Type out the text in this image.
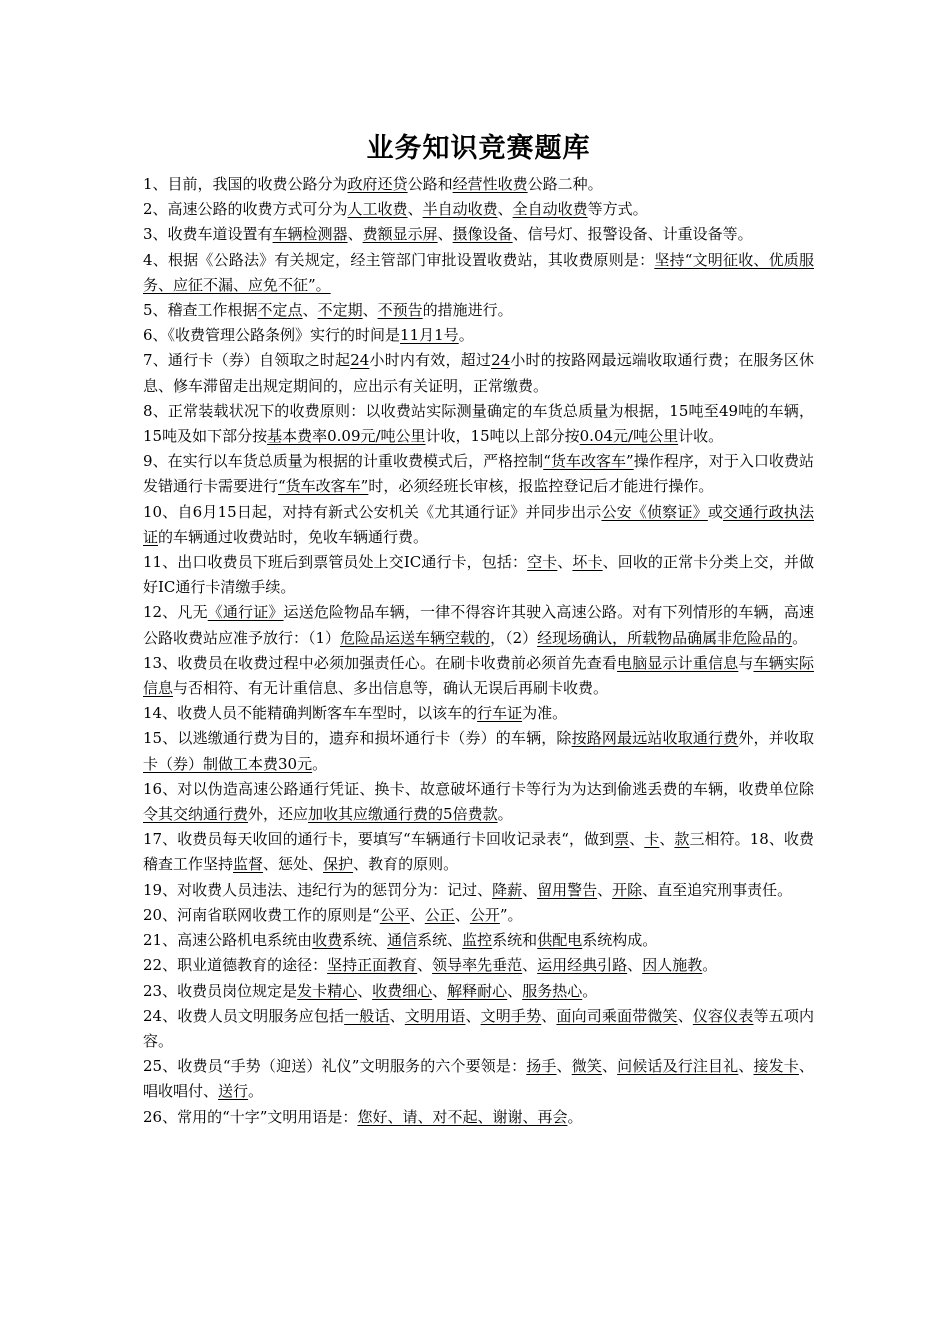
业务知识竞赛题库

1、目前，我国的收费公路分为政府还贷公路和经营性收费公路二种。

2、高速公路的收费方式可分为人工收费、半自动收费、全自动收费等方式。

3、收费车道设置有车辆检测器、费额显示屏、摄像设备、信号灯、报警设备、计重设备等。

4、根据《公路法》有关规定，经主管部门审批设置收费站，其收费原则是：坚持“文明征收、优质服务、应征不漏、应免不征”。

5、稽查工作根据不定点、不定期、不预告的措施进行。

6、《收费管理公路条例》实行的时间是11月1号。

7、通行卡（券）自领取之时起24小时内有效，超过24小时的按路网最远端收取通行费；在服务区休息、修车滞留走出规定期间的，应出示有关证明，正常缴费。

8、正常装载状况下的收费原则：以收费站实际测量确定的车货总质量为根据，15吨至49吨的车辆，15吨及如下部分按基本费率0.09元/吨公里计收，15吨以上部分按0.04元/吨公里计收。

9、在实行以车货总质量为根据的计重收费模式后，严格控制“货车改客车”操作程序，对于入口收费站发错通行卡需要进行“货车改客车”时，必须经班长审核，报监控登记后才能进行操作。

10、自6月15日起，对持有新式公安机关《尤其通行证》并同步出示公安《侦察证》或交通行政执法证的车辆通过收费站时，免收车辆通行费。

11、出口收费员下班后到票管员处上交IC通行卡，包括：空卡、坏卡、回收的正常卡分类上交，并做好IC通行卡清缴手续。

12、凡无《通行证》运送危险物品车辆，一律不得容许其驶入高速公路。对有下列情形的车辆，高速公路收费站应准予放行：（1）危险品运送车辆空载的，（2）经现场确认，所载物品确属非危险品的。

13、收费员在收费过程中必须加强责任心。在刷卡收费前必须首先查看电脑显示计重信息与车辆实际信息与否相符、有无计重信息、多出信息等，确认无误后再刷卡收费。

14、收费人员不能精确判断客车车型时，以该车的行车证为准。

15、以逃缴通行费为目的，遗弃和损坏通行卡（券）的车辆，除按路网最远站收取通行费外，并收取卡（券）制做工本费30元。

16、对以伪造高速公路通行凭证、换卡、故意破坏通行卡等行为为达到偷逃丢费的车辆，收费单位除令其交纳通行费外，还应加收其应缴通行费的5倍费款。

17、收费员每天收回的通行卡，要填写“车辆通行卡回收记录表“，做到票、卡、款三相符。18、收费稽查工作坚持监督、惩处、保护、教育的原则。

19、对收费人员违法、违纪行为的惩罚分为：记过、降薪、留用警告、开除、直至追究刑事责任。

20、河南省联网收费工作的原则是“公平、公正、公开”。

21、高速公路机电系统由收费系统、通信系统、监控系统和供配电系统构成。

22、职业道德教育的途径：坚持正面教育、领导率先垂范、运用经典引路、因人施教。

23、收费员岗位规定是发卡精心、收费细心、解释耐心、服务热心。

24、收费人员文明服务应包括一般话、文明用语、文明手势、面向司乘面带微笑、仪容仪表等五项内容。

25、收费员“手势（迎送）礼仪”文明服务的六个要领是：扬手、微笑、问候话及行注目礼、接发卡、唱收唱付、送行。

26、常用的“十字”文明用语是：您好、请、对不起、谢谢、再会。
